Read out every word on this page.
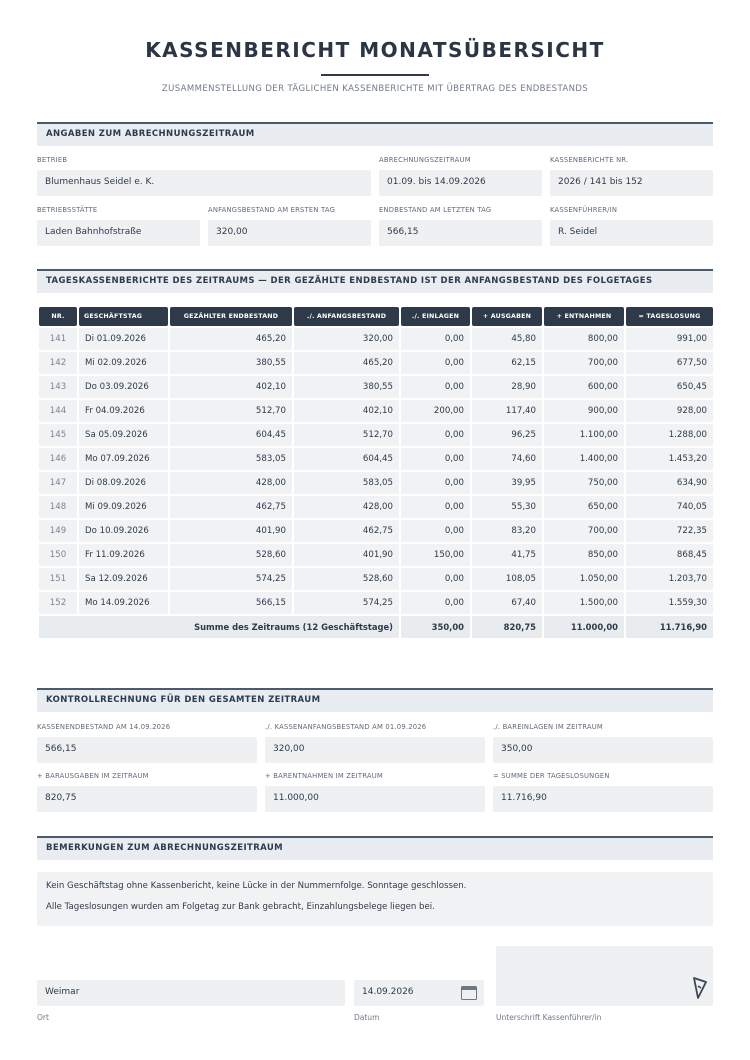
KASSENBERICHT MONATSÜBERSICHT
ZUSAMMENSTELLUNG DER TÄGLICHEN KASSENBERICHTE MIT ÜBERTRAG DES ENDBESTANDS
ANGABEN ZUM ABRECHNUNGSZEITRAUM
BETRIEB
Blumenhaus Seidel e. K.
ABRECHNUNGSZEITRAUM
01.09. bis 14.09.2026
KASSENBERICHTE NR.
2026 / 141 bis 152
BETRIEBSSTÄTTE
Laden Bahnhofstraße
ANFANGSBESTAND AM ERSTEN TAG
320,00
ENDBESTAND AM LETZTEN TAG
566,15
KASSENFÜHRER/IN
R. Seidel
TAGESKASSENBERICHTE DES ZEITRAUMS — DER GEZÄHLTE ENDBESTAND IST DER ANFANGSBESTAND DES FOLGETAGES
NR.	GESCHÄFTSTAG	GEZÄHLTER ENDBESTAND	./. ANFANGSBESTAND	./. EINLAGEN	+ AUSGABEN	+ ENTNAHMEN	= TAGESLOSUNG
141	Di 01.09.2026	465,20	320,00	0,00	45,80	800,00	991,00
142	Mi 02.09.2026	380,55	465,20	0,00	62,15	700,00	677,50
143	Do 03.09.2026	402,10	380,55	0,00	28,90	600,00	650,45
144	Fr 04.09.2026	512,70	402,10	200,00	117,40	900,00	928,00
145	Sa 05.09.2026	604,45	512,70	0,00	96,25	1.100,00	1.288,00
146	Mo 07.09.2026	583,05	604,45	0,00	74,60	1.400,00	1.453,20
147	Di 08.09.2026	428,00	583,05	0,00	39,95	750,00	634,90
148	Mi 09.09.2026	462,75	428,00	0,00	55,30	650,00	740,05
149	Do 10.09.2026	401,90	462,75	0,00	83,20	700,00	722,35
150	Fr 11.09.2026	528,60	401,90	150,00	41,75	850,00	868,45
151	Sa 12.09.2026	574,25	528,60	0,00	108,05	1.050,00	1.203,70
152	Mo 14.09.2026	566,15	574,25	0,00	67,40	1.500,00	1.559,30
Summe des Zeitraums (12 Geschäftstage)				350,00	820,75	11.000,00	11.716,90
KONTROLLRECHNUNG FÜR DEN GESAMTEN ZEITRAUM
KASSENENDBESTAND AM 14.09.2026
566,15
./. KASSENANFANGSBESTAND AM 01.09.2026
320,00
./. BAREINLAGEN IM ZEITRAUM
350,00
+ BARAUSGABEN IM ZEITRAUM
820,75
+ BARENTNAHMEN IM ZEITRAUM
11.000,00
= SUMME DER TAGESLOSUNGEN
11.716,90
BEMERKUNGEN ZUM ABRECHNUNGSZEITRAUM
Kein Geschäftstag ohne Kassenbericht, keine Lücke in der Nummernfolge. Sonntage geschlossen.
Alle Tageslosungen wurden am Folgetag zur Bank gebracht, Einzahlungsbelege liegen bei.
Weimar
Ort
14.09.2026
Datum	Unterschrift Kassenführer/in
